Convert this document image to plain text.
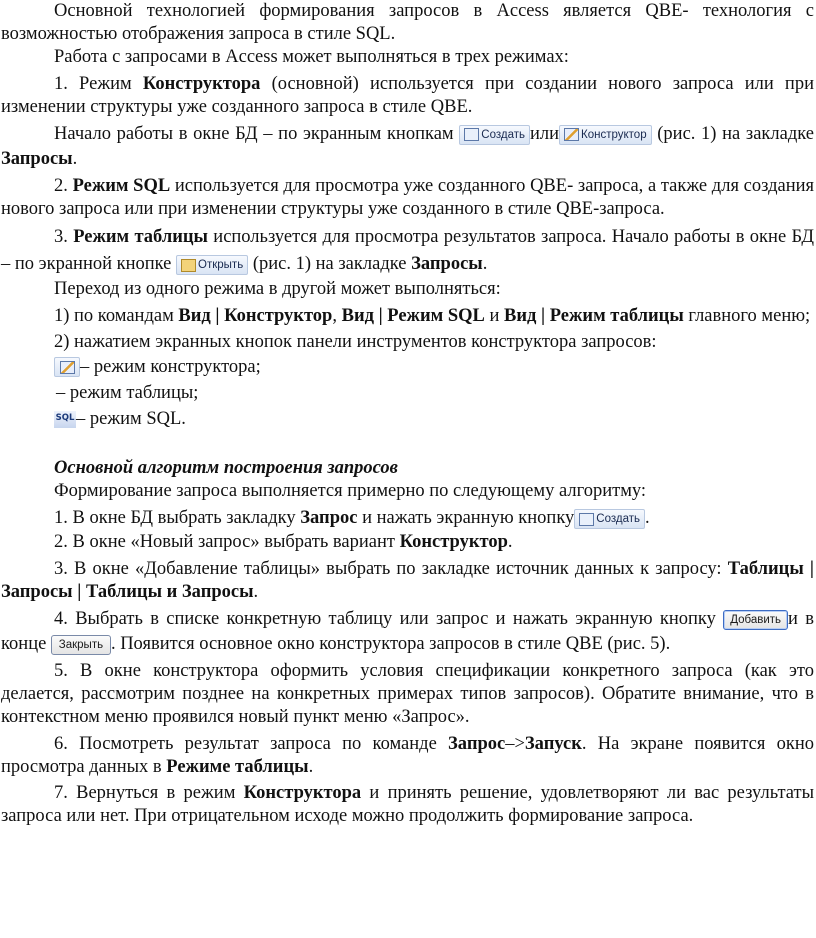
Основной технологией формирования запросов в Access является QBE- технология с возможностью отображения запроса в стиле SQL.

Работа с запросами в Access может выполняться в трех режимах:

1. Режим Конструктора (основной) используется при создании нового запроса или при изменении структуры уже созданного запроса в стиле QBE.

Начало работы в окне БД – по экранным кнопкам Создать или Конструктор (рис. 1) на закладке Запросы.

2. Режим SQL используется для просмотра уже созданного QBE- запроса, а также для создания нового запроса или при изменении структуры уже созданного в стиле QBE-запроса.

3. Режим таблицы используется для просмотра результатов запроса. Начало работы в окне БД – по экранной кнопке Открыть (рис. 1) на закладке Запросы.

Переход из одного режима в другой может выполняться:

1) по командам Вид | Конструктор, Вид | Режим SQL и Вид | Режим таблицы главного меню;

2) нажатием экранных кнопок панели инструментов конструктора запросов:

– режим конструктора;
– режим таблицы;
SQL – режим SQL.

Основной алгоритм построения запросов

Формирование запроса выполняется примерно по следующему алгоритму:

1. В окне БД выбрать закладку Запрос и нажать экранную кнопку Создать .

2. В окне «Новый запрос» выбрать вариант Конструктор.

3. В окне «Добавление таблицы» выбрать по закладке источник данных к запросу: Таблицы | Запросы | Таблицы и Запросы.

4. Выбрать в списке конкретную таблицу или запрос и нажать экранную кнопку Добавить и в конце Закрыть . Появится основное окно конструктора запросов в стиле QBE (рис. 5).

5. В окне конструктора оформить условия спецификации конкретного запроса (как это делается, рассмотрим позднее на конкретных примерах типов запросов). Обратите внимание, что в контекстном меню проявился новый пункт меню «Запрос».

6. Посмотреть результат запроса по команде Запрос–>Запуск. На экране появится окно просмотра данных в Режиме таблицы.

7. Вернуться в режим Конструктора и принять решение, удовлетворяют ли вас результаты запроса или нет. При отрицательном исходе можно продолжить формирование запроса.
